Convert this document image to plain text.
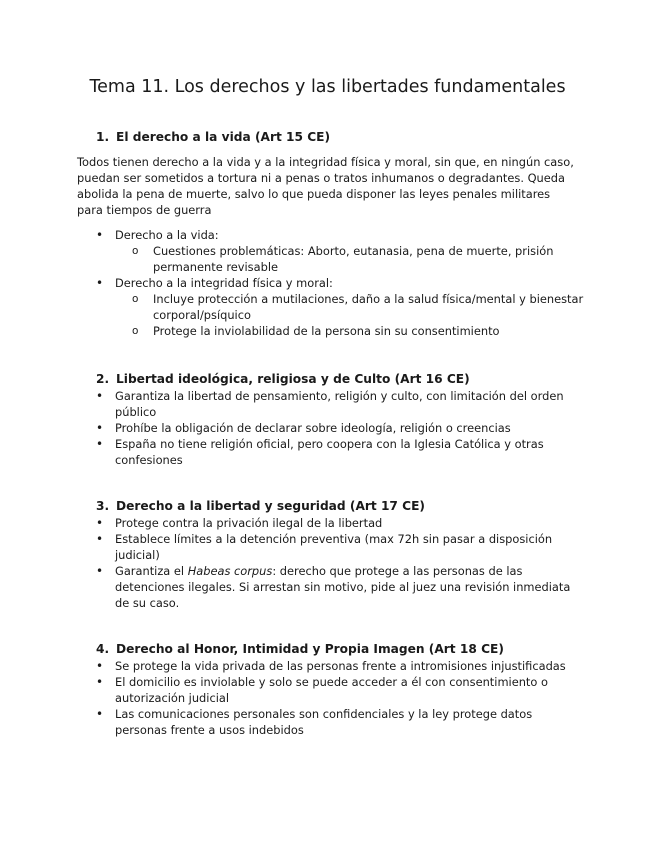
Tema 11. Los derechos y las libertades fundamentales
1. El derecho a la vida (Art 15 CE)

Todos tienen derecho a la vida y a la integridad física y moral, sin que, en ningún caso, puedan ser sometidos a tortura ni a penas o tratos inhumanos o degradantes. Queda abolida la pena de muerte, salvo lo que pueda disponer las leyes penales militares para tiempos de guerra

• Derecho a la vida:
o Cuestiones problemáticas: Aborto, eutanasia, pena de muerte, prisión permanente revisable
• Derecho a la integridad física y moral:
o Incluye protección a mutilaciones, daño a la salud física/mental y bienestar corporal/psíquico
o Protege la inviolabilidad de la persona sin su consentimiento
2. Libertad ideológica, religiosa y de Culto (Art 16 CE)
• Garantiza la libertad de pensamiento, religión y culto, con limitación del orden público
• Prohíbe la obligación de declarar sobre ideología, religión o creencias
• España no tiene religión oficial, pero coopera con la Iglesia Católica y otras confesiones
3. Derecho a la libertad y seguridad (Art 17 CE)
• Protege contra la privación ilegal de la libertad
• Establece límites a la detención preventiva (max 72h sin pasar a disposición judicial)
• Garantiza el Habeas corpus: derecho que protege a las personas de las detenciones ilegales. Si arrestan sin motivo, pide al juez una revisión inmediata de su caso.
4. Derecho al Honor, Intimidad y Propia Imagen (Art 18 CE)
• Se protege la vida privada de las personas frente a intromisiones injustificadas
• El domicilio es inviolable y solo se puede acceder a él con consentimiento o autorización judicial
• Las comunicaciones personales son confidenciales y la ley protege datos personas frente a usos indebidos
